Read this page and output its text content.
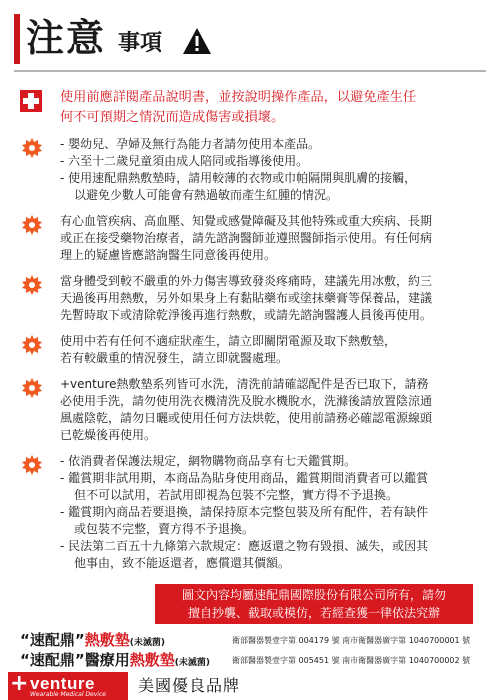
注意 事項
使用前應詳閱產品說明書，並按說明操作產品，以避免產生任
何不可預期之情況而造成傷害或損壞。
- 嬰幼兒、孕婦及無行為能力者請勿使用本產品。
- 六至十二歲兒童須由成人陪同或指導後使用。
- 使用速配鼎熱敷墊時，請用較薄的衣物或巾帕隔開與肌膚的接觸，
以避免少數人可能會有熱過敏而產生紅腫的情況。
有心血管疾病、高血壓、知覺或感覺障礙及其他特殊或重大疾病、長期
或正在接受藥物治療者，請先諮詢醫師並遵照醫師指示使用。有任何病
理上的疑慮皆應諮詢醫生同意後再使用。
當身體受到較不嚴重的外力傷害導致發炎疼痛時，建議先用冰敷，約三
天過後再用熱敷，另外如果身上有黏貼藥布或塗抹藥膏等保養品，建議
先暫時取下或清除乾淨後再進行熱敷，或請先諮詢醫護人員後再使用。
使用中若有任何不適症狀產生，請立即關閉電源及取下熱敷墊，
若有較嚴重的情況發生，請立即就醫處理。
+venture熱敷墊系列皆可水洗，清洗前請確認配件是否已取下，請務
必使用手洗，請勿使用洗衣機清洗及脫水機脫水，洗滌後請放置陰涼通
風處陰乾，請勿日曬或使用任何方法烘乾，使用前請務必確認電源線頭
已乾燥後再使用。
- 依消費者保護法規定，網物購物商品享有七天鑑賞期。
- 鑑賞期非試用期，本商品為貼身使用商品，鑑賞期間消費者可以鑑賞
但不可以試用，若試用即視為包裝不完整，實方得不予退換。
- 鑑賞期內商品若要退換，請保持原本完整包裝及所有配件，若有缺件
或包裝不完整，賣方得不予退換。
- 民法第二百五十九條第六款規定：應返還之物有毀損、滅失，或因其
他事由，致不能返還者，應償還其價額。
圖文內容均屬速配鼎國際股份有限公司所有，請勿
擅自抄襲、截取或模仿，若經查獲一律依法究辦
“速配鼎”熱敷墊(未滅菌)	衛部醫器製壹字第 004179 號 南市衛醫器廣字第 1040700001 號
“速配鼎”醫療用熱敷墊(未滅菌)	衛部醫器製壹字第 005451 號 南市衛醫器廣字第 1040700002 號
+ venture
Wearable Medical Device 美國優良品牌
